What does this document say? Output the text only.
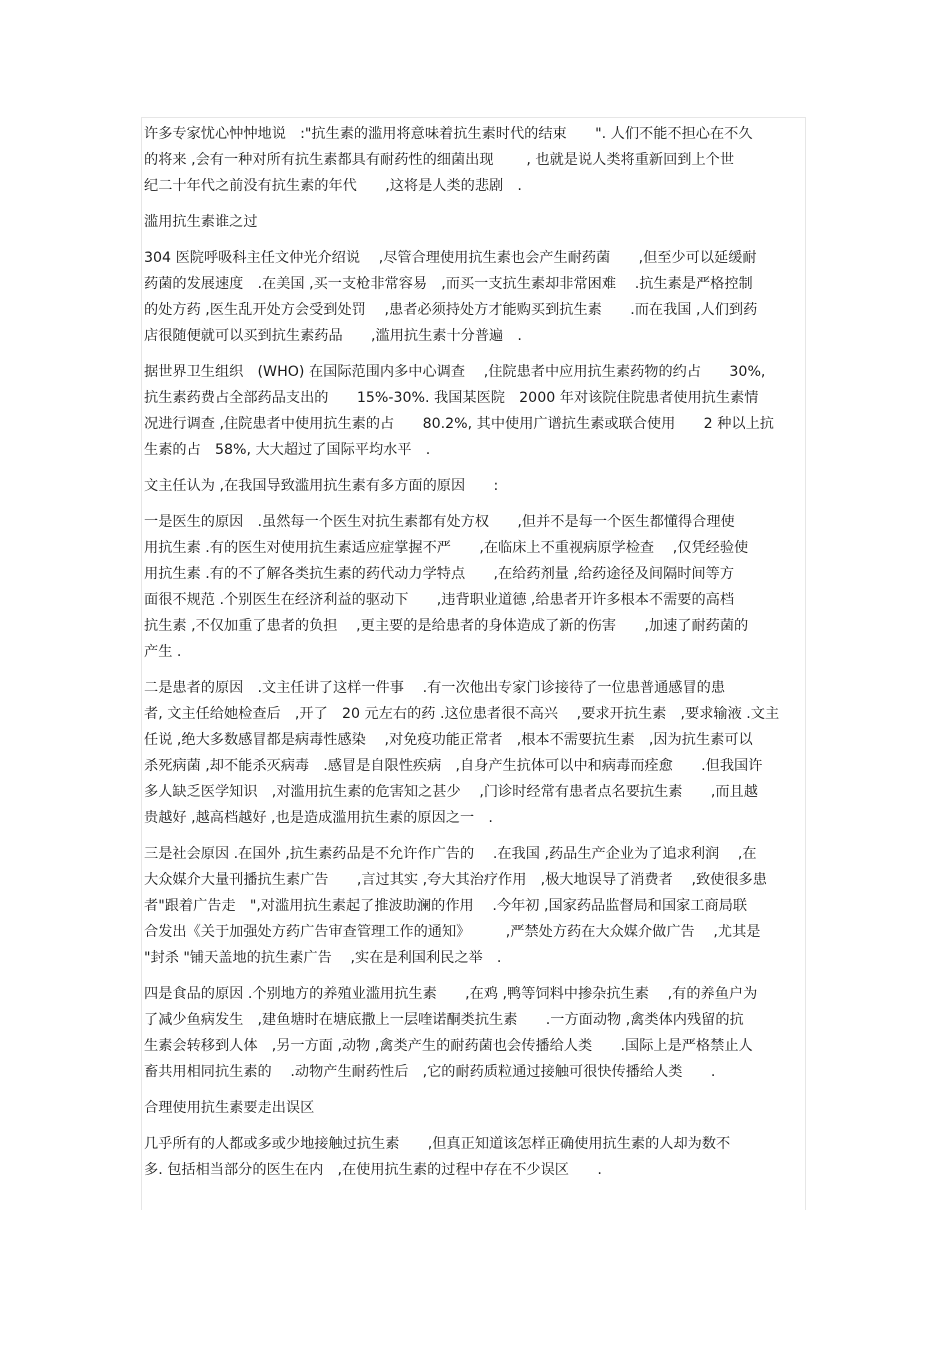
许多专家忧心忡忡地说　:"抗生素的滥用将意味着抗生素时代的结束　　". 人们不能不担心在不久
的将来 ,会有一种对所有抗生素都具有耐药性的细菌出现　　 , 也就是说人类将重新回到上个世
纪二十年代之前没有抗生素的年代　　,这将是人类的悲剧　.

滥用抗生素谁之过

304 医院呼吸科主任文仲光介绍说　 ,尽管合理使用抗生素也会产生耐药菌　　,但至少可以延缓耐
药菌的发展速度　.在美国 ,买一支枪非常容易　,而买一支抗生素却非常困难　 .抗生素是严格控制
的处方药 ,医生乱开处方会受到处罚　 ,患者必须持处方才能购买到抗生素　　.而在我国 ,人们到药
店很随便就可以买到抗生素药品　　,滥用抗生素十分普遍　.

据世界卫生组织　(WHO) 在国际范围内多中心调查　 ,住院患者中应用抗生素药物的约占　　30%,
抗生素药费占全部药品支出的　　15%-30%. 我国某医院　2000 年对该院住院患者使用抗生素情
况进行调查 ,住院患者中使用抗生素的占　　80.2%, 其中使用广谱抗生素或联合使用　　2 种以上抗
生素的占　58%, 大大超过了国际平均水平　.

文主任认为 ,在我国导致滥用抗生素有多方面的原因　　:

一是医生的原因　.虽然每一个医生对抗生素都有处方权　　,但并不是每一个医生都懂得合理使
用抗生素 .有的医生对使用抗生素适应症掌握不严　　,在临床上不重视病原学检查　 ,仅凭经验使
用抗生素 .有的不了解各类抗生素的药代动力学特点　　,在给药剂量 ,给药途径及间隔时间等方
面很不规范 .个别医生在经济利益的驱动下　　,违背职业道德 ,给患者开许多根本不需要的高档
抗生素 ,不仅加重了患者的负担　 ,更主要的是给患者的身体造成了新的伤害　　,加速了耐药菌的
产生 .

二是患者的原因　.文主任讲了这样一件事　 .有一次他出专家门诊接待了一位患普通感冒的患
者, 文主任给她检查后　,开了　20 元左右的药 .这位患者很不高兴　 ,要求开抗生素　,要求输液 .文主
任说 ,绝大多数感冒都是病毒性感染　 ,对免疫功能正常者　,根本不需要抗生素　,因为抗生素可以
杀死病菌 ,却不能杀灭病毒　.感冒是自限性疾病　,自身产生抗体可以中和病毒而痊愈　　.但我国许
多人缺乏医学知识　,对滥用抗生素的危害知之甚少　 ,门诊时经常有患者点名要抗生素　　,而且越
贵越好 ,越高档越好 ,也是造成滥用抗生素的原因之一　.

三是社会原因 .在国外 ,抗生素药品是不允许作广告的　 .在我国 ,药品生产企业为了追求利润　 ,在
大众媒介大量刊播抗生素广告　　,言过其实 ,夸大其治疗作用　,极大地误导了消费者　 ,致使很多患
者"跟着广告走　",对滥用抗生素起了推波助澜的作用　 .今年初 ,国家药品监督局和国家工商局联
合发出《关于加强处方药广告审查管理工作的通知》　　　,严禁处方药在大众媒介做广告　 ,尤其是
"封杀 "铺天盖地的抗生素广告　 ,实在是利国利民之举　.

四是食品的原因 .个别地方的养殖业滥用抗生素　　,在鸡 ,鸭等饲料中掺杂抗生素　 ,有的养鱼户为
了减少鱼病发生　,建鱼塘时在塘底撒上一层喹诺酮类抗生素　　.一方面动物 ,禽类体内残留的抗
生素会转移到人体　,另一方面 ,动物 ,禽类产生的耐药菌也会传播给人类　　.国际上是严格禁止人
畜共用相同抗生素的　 .动物产生耐药性后　,它的耐药质粒通过接触可很快传播给人类　　.

合理使用抗生素要走出误区

几乎所有的人都或多或少地接触过抗生素　　,但真正知道该怎样正确使用抗生素的人却为数不
多. 包括相当部分的医生在内　,在使用抗生素的过程中存在不少误区　　.
